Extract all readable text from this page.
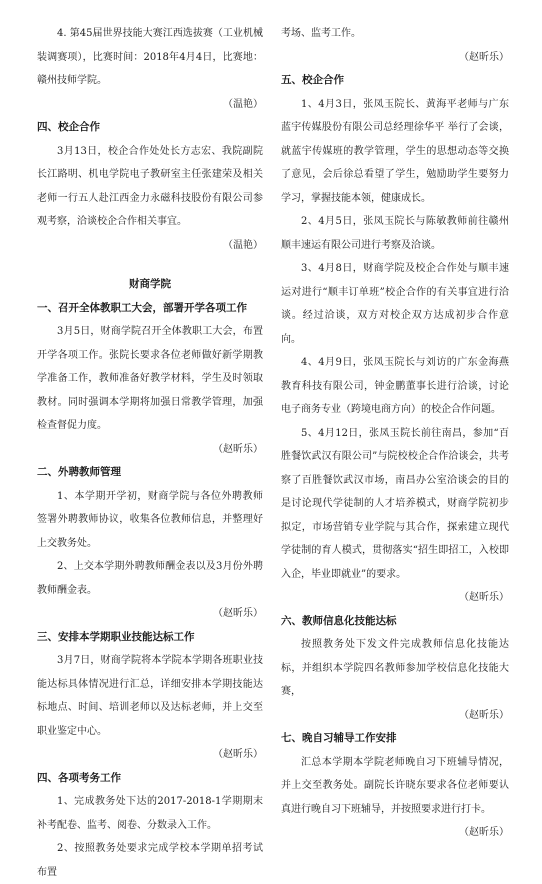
4. 第45届世界技能大赛江西选拔赛（工业机械装调赛项），比赛时间：2018年4月4日，比赛地：赣州技师学院。

（温艳）

四、校企合作

3月13日，校企合作处处长方志宏、我院副院长江路明、机电学院电子教研室主任张建荣及相关老师一行五人赴江西金力永磁科技股份有限公司参观考察，洽谈校企合作相关事宜。

（温艳）

财商学院

一、召开全体教职工大会，部署开学各项工作

3月5日，财商学院召开全体教职工大会，布置开学各项工作。张院长要求各位老师做好新学期教学准备工作，教师准备好教学材料，学生及时领取教材。同时强调本学期将加强日常教学管理，加强检查督促力度。

（赵昕乐）

二、外聘教师管理

1、本学期开学初，财商学院与各位外聘教师签署外聘教师协议，收集各位教师信息，并整理好上交教务处。

2、上交本学期外聘教师酬金表以及3月份外聘教师酬金表。

（赵昕乐）

三、安排本学期职业技能达标工作

3月7日，财商学院将本学院本学期各班职业技能达标具体情况进行汇总，详细安排本学期技能达标地点、时间、培训老师以及达标老师，并上交至职业鉴定中心。

（赵昕乐）

四、各项考务工作

1、完成教务处下达的2017-2018-1学期期末补考配卷、监考、阅卷、分数录入工作。

2、按照教务处要求完成学校本学期单招考试布置

考场、监考工作。

（赵昕乐）

五、校企合作

1、4月3日，张凤玉院长、黄海平老师与广东蓝宇传媒股份有限公司总经理徐华平 举行了会谈，就蓝宇传媒班的教学管理，学生的思想动态等交换了意见，会后徐总看望了学生，勉励助学生要努力学习，掌握技能本领，健康成长。

2、4月5日，张凤玉院长与陈敏教师前往赣州顺丰速运有限公司进行考察及洽谈。

3、4月8日，财商学院及校企合作处与顺丰速运对进行“顺丰订单班”校企合作的有关事宜进行洽谈。经过洽谈，双方对校企双方达成初步合作意向。

4、4月9日，张凤玉院长与刘访的广东金海燕教育科技有限公司，钟金鹏董事长进行洽谈，讨论电子商务专业（跨境电商方向）的校企合作问题。

5、4月12日，张凤玉院长前往南昌，参加“百胜餐饮武汉有限公司”与院校校企合作洽谈会，共考察了百胜餐饮武汉市场，南昌办公室洽谈会的目的是讨论现代学徒制的人才培养模式，财商学院初步拟定，市场营销专业学院与其合作，探索建立现代学徒制的育人模式，贯彻落实“招生即招工，入校即入企，毕业即就业”的要求。

（赵昕乐）

六、教师信息化技能达标

按照教务处下发文件完成教师信息化技能达标，并组织本学院四名教师参加学校信息化技能大赛，

（赵昕乐）

七、晚自习辅导工作安排

汇总本学期本学院老师晚自习下班辅导情况，并上交至教务处。副院长许晓东要求各位老师要认真进行晚自习下班辅导，并按照要求进行打卡。

（赵昕乐）
